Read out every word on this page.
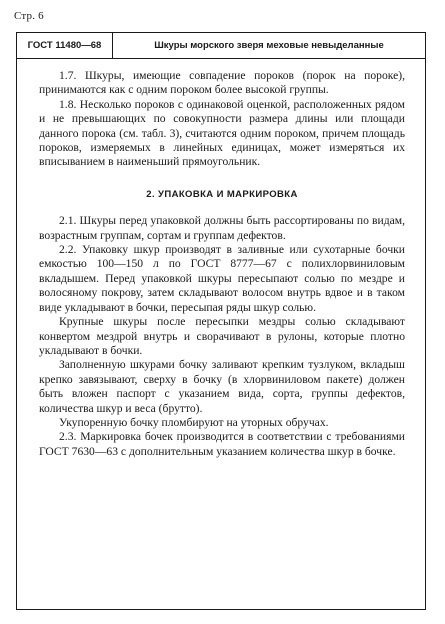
Стр. 6
ГОСТ 11480—68	Шкуры морского зверя меховые невыделанные

1.7. Шкуры, имеющие совпадение пороков (порок на пороке), принимаются как с одним пороком более высокой группы.

1.8. Несколько пороков с одинаковой оценкой, расположенных рядом и не превышающих по совокупности размера длины или площади данного порока (см. табл. 3), считаются одним пороком, причем площадь пороков, измеряемых в линейных единицах, может измеряться их вписыванием в наименьший прямоугольник.

2. УПАКОВКА И МАРКИРОВКА

2.1. Шкуры перед упаковкой должны быть рассортированы по видам, возрастным группам, сортам и группам дефектов.

2.2. Упаковку шкур производят в заливные или сухотарные бочки емкостью 100—150 л по ГОСТ 8777—67 с полихлорвиниловым вкладышем. Перед упаковкой шкуры пересыпают солью по мездре и волосяному покрову, затем складывают волосом внутрь вдвое и в таком виде укладывают в бочки, пересыпая ряды шкур солью.

Крупные шкуры после пересыпки мездры солью складывают конвертом мездрой внутрь и сворачивают в рулоны, которые плотно укладывают в бочки.

Заполненную шкурами бочку заливают крепким тузлуком, вкладыш крепко завязывают, сверху в бочку (в хлорвиниловом пакете) должен быть вложен паспорт с указанием вида, сорта, группы дефектов, количества шкур и веса (брутто).

Укупоренную бочку пломбируют на уторных обручах.

2.3. Маркировка бочек производится в соответствии с требованиями ГОСТ 7630—63 с дополнительным указанием количества шкур в бочке.
